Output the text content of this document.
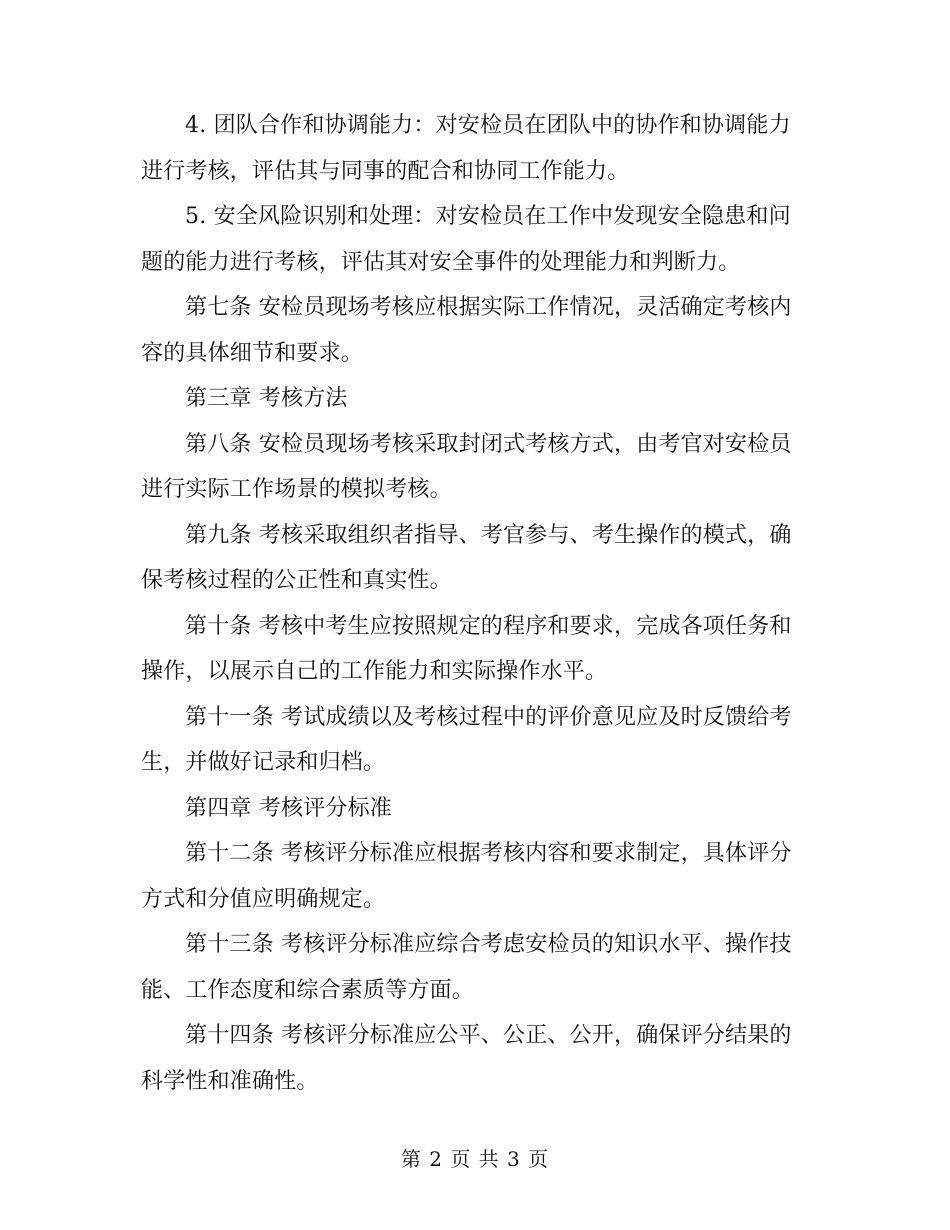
4. 团队合作和协调能力：对安检员在团队中的协作和协调能力进行考核，评估其与同事的配合和协同工作能力。

5. 安全风险识别和处理：对安检员在工作中发现安全隐患和问题的能力进行考核，评估其对安全事件的处理能力和判断力。

第七条 安检员现场考核应根据实际工作情况，灵活确定考核内容的具体细节和要求。

第三章 考核方法

第八条 安检员现场考核采取封闭式考核方式，由考官对安检员进行实际工作场景的模拟考核。

第九条 考核采取组织者指导、考官参与、考生操作的模式，确保考核过程的公正性和真实性。

第十条 考核中考生应按照规定的程序和要求，完成各项任务和操作，以展示自己的工作能力和实际操作水平。

第十一条 考试成绩以及考核过程中的评价意见应及时反馈给考生，并做好记录和归档。

第四章 考核评分标准

第十二条 考核评分标准应根据考核内容和要求制定，具体评分方式和分值应明确规定。

第十三条 考核评分标准应综合考虑安检员的知识水平、操作技能、工作态度和综合素质等方面。

第十四条 考核评分标准应公平、公正、公开，确保评分结果的科学性和准确性。

第 2 页 共 3 页
